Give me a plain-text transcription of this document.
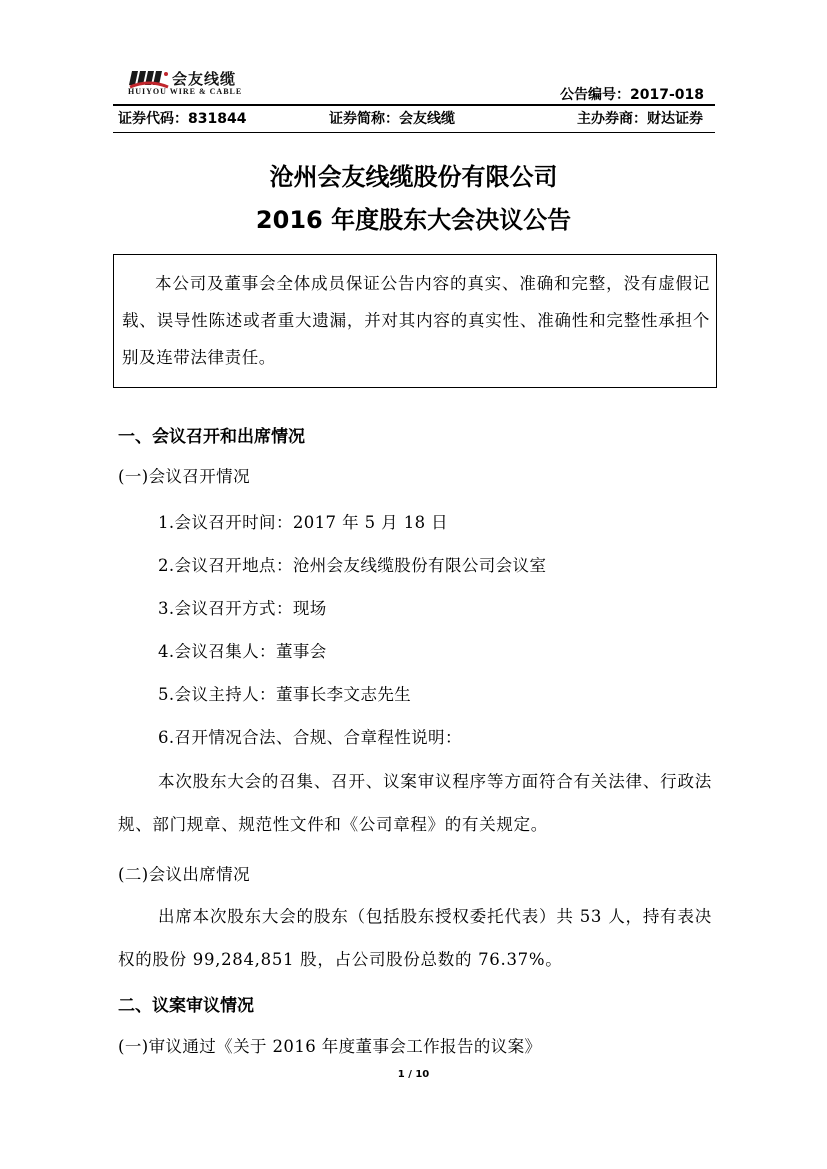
会友线缆
HUIYOU WIRE & CABLE	公告编号：2017-018
证券代码：831844	证券简称：会友线缆	主办券商：财达证券
沧州会友线缆股份有限公司
2016 年度股东大会决议公告

本公司及董事会全体成员保证公告内容的真实、准确和完整，没有虚假记载、误导性陈述或者重大遗漏，并对其内容的真实性、准确性和完整性承担个别及连带法律责任。

一、会议召开和出席情况
(一)会议召开情况
1.会议召开时间：2017 年 5 月 18 日
2.会议召开地点：沧州会友线缆股份有限公司会议室
3.会议召开方式：现场
4.会议召集人：董事会
5.会议主持人：董事长李文志先生
6.召开情况合法、合规、合章程性说明：

本次股东大会的召集、召开、议案审议程序等方面符合有关法律、行政法规、部门规章、规范性文件和《公司章程》的有关规定。

(二)会议出席情况

出席本次股东大会的股东（包括股东授权委托代表）共 53 人，持有表决权的股份 99,284,851 股，占公司股份总数的 76.37%。

二、议案审议情况
(一)审议通过《关于 2016 年度董事会工作报告的议案》
1 / 10
